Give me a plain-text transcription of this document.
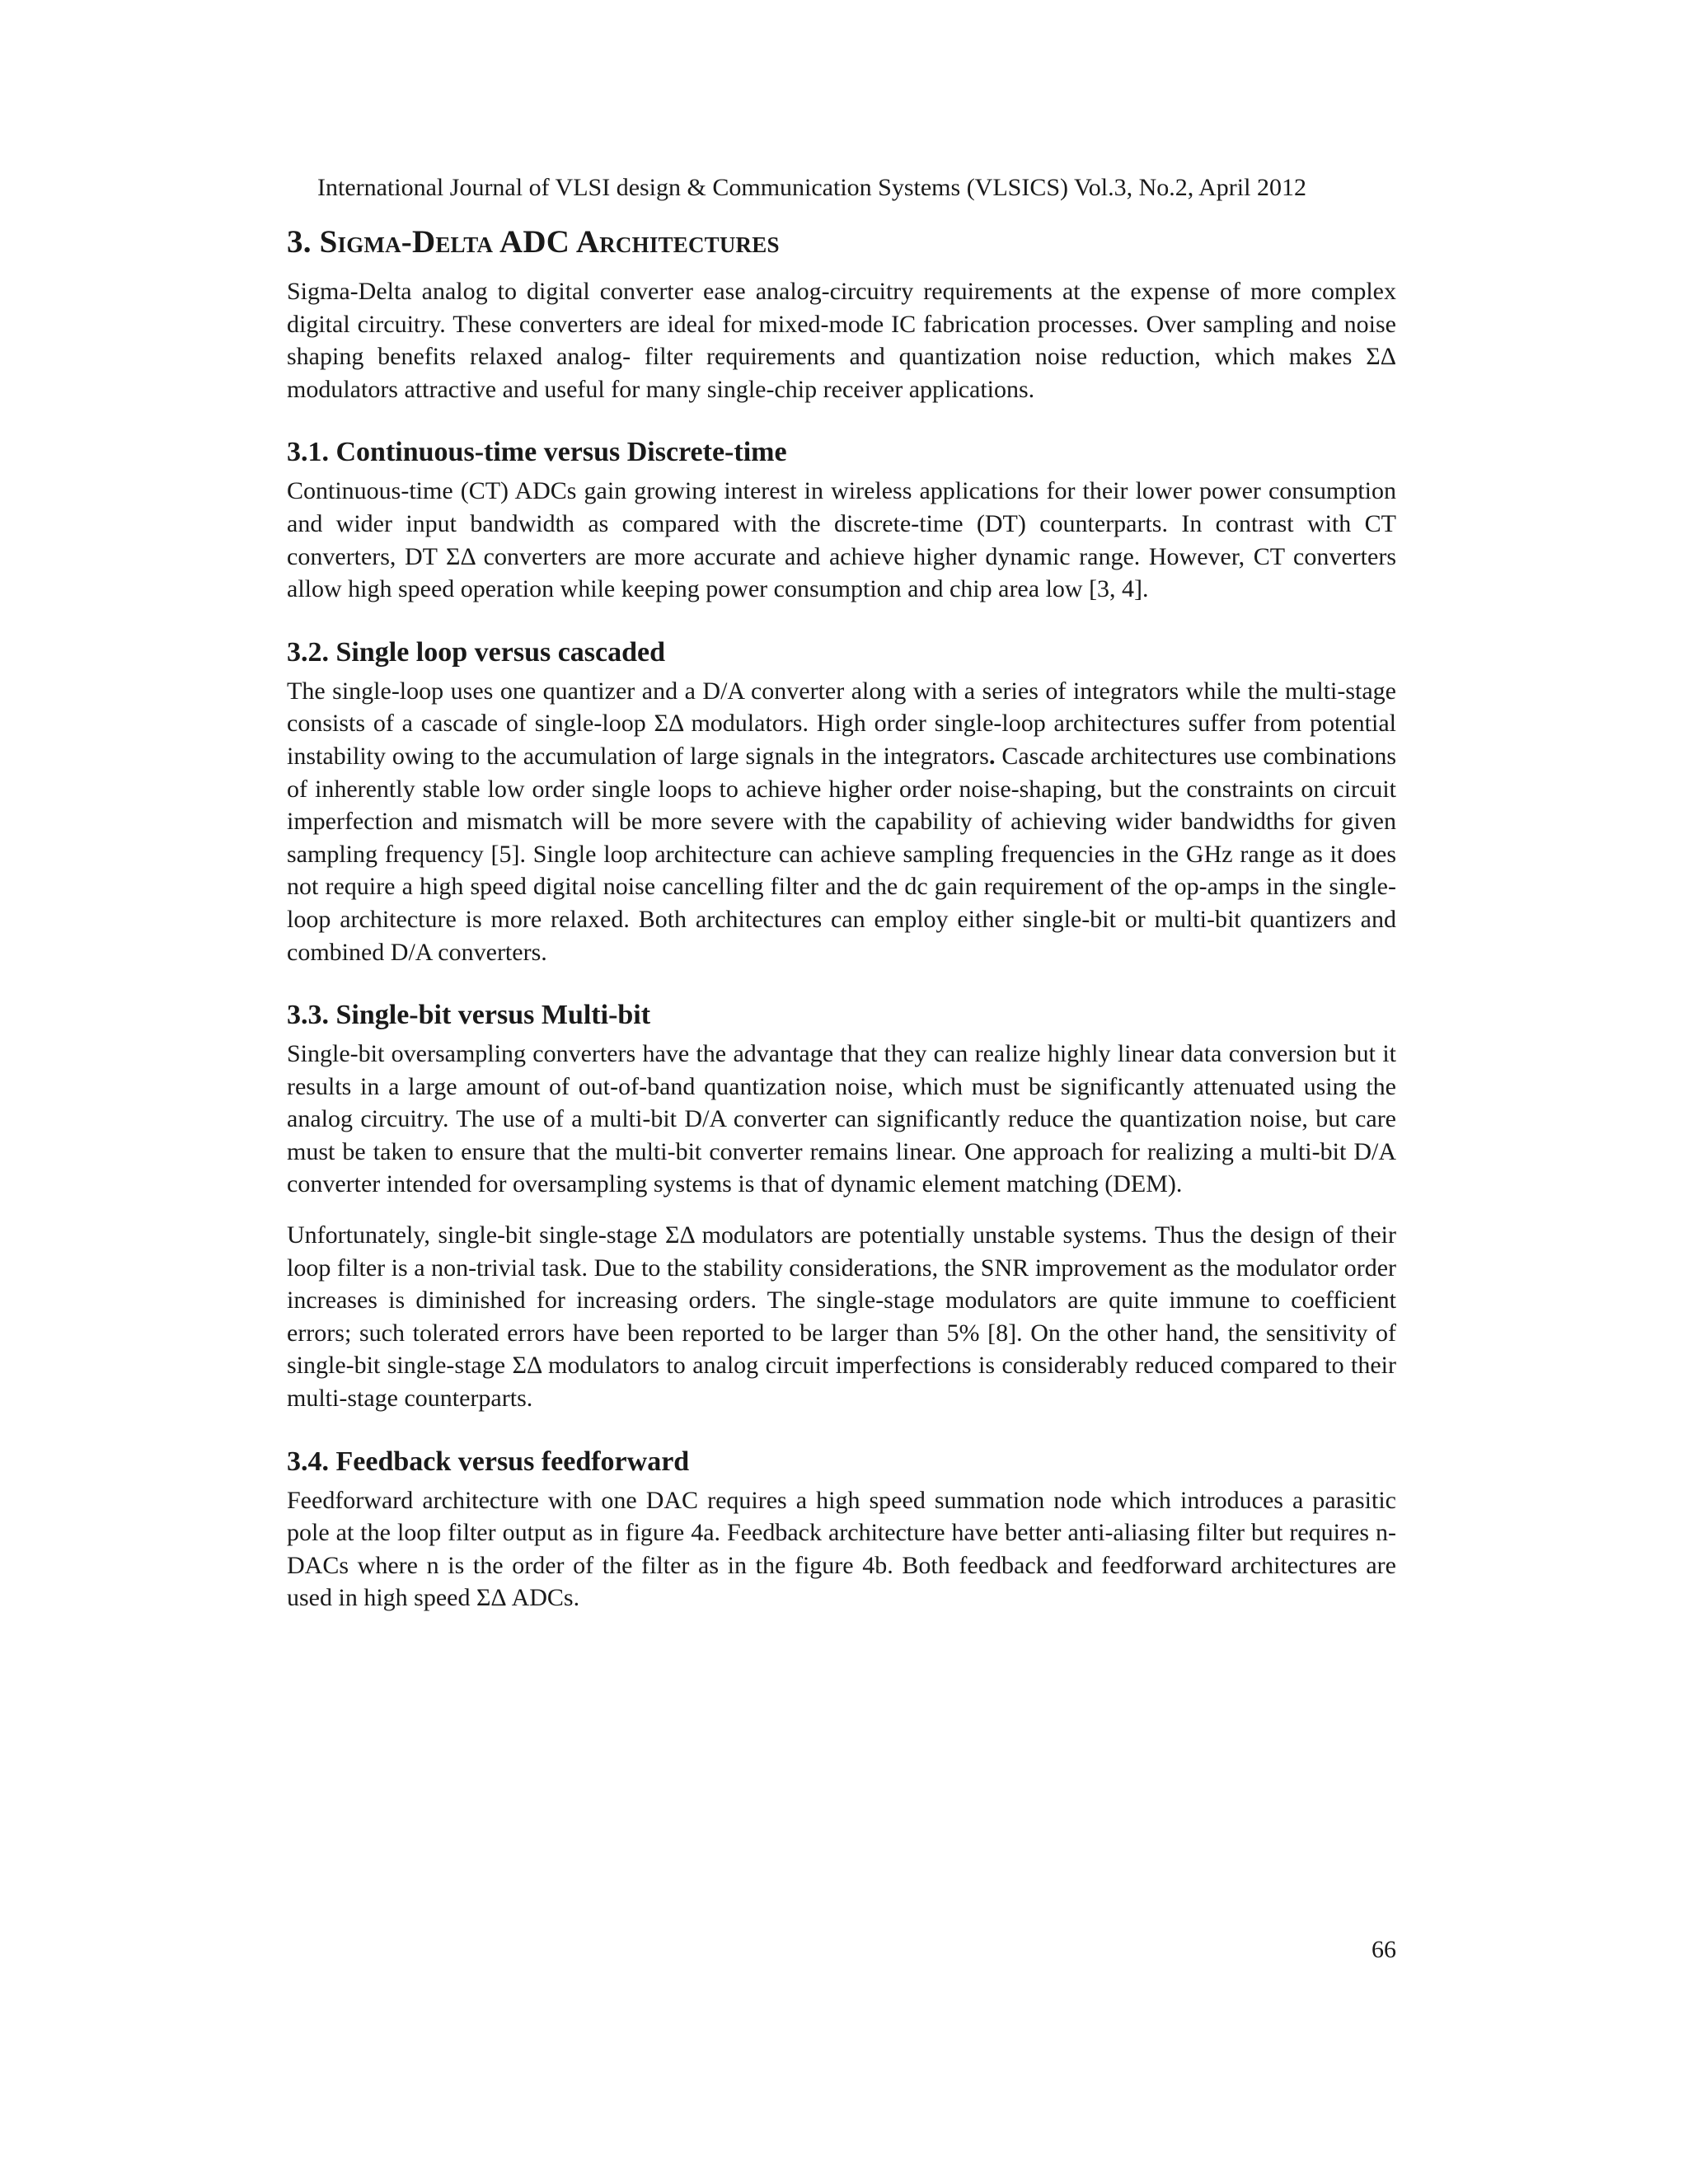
International Journal of VLSI design & Communication Systems (VLSICS) Vol.3, No.2, April 2012
3. Sigma-Delta ADC Architectures

Sigma-Delta analog to digital converter ease analog-circuitry requirements at the expense of more complex digital circuitry. These converters are ideal for mixed-mode IC fabrication processes. Over sampling and noise shaping benefits relaxed analog- filter requirements and quantization noise reduction, which makes ΣΔ modulators attractive and useful for many single-chip receiver applications.

3.1. Continuous-time versus Discrete-time

Continuous-time (CT) ADCs gain growing interest in wireless applications for their lower power consumption and wider input bandwidth as compared with the discrete-time (DT) counterparts. In contrast with CT converters, DT ΣΔ converters are more accurate and achieve higher dynamic range. However, CT converters allow high speed operation while keeping power consumption and chip area low [3, 4].

3.2. Single loop versus cascaded

The single-loop uses one quantizer and a D/A converter along with a series of integrators while the multi-stage consists of a cascade of single-loop ΣΔ modulators. High order single-loop architectures suffer from potential instability owing to the accumulation of large signals in the integrators. Cascade architectures use combinations of inherently stable low order single loops to achieve higher order noise-shaping, but the constraints on circuit imperfection and mismatch will be more severe with the capability of achieving wider bandwidths for given sampling frequency [5]. Single loop architecture can achieve sampling frequencies in the GHz range as it does not require a high speed digital noise cancelling filter and the dc gain requirement of the op-amps in the single-loop architecture is more relaxed. Both architectures can employ either single-bit or multi-bit quantizers and combined D/A converters.

3.3. Single-bit versus Multi-bit

Single-bit oversampling converters have the advantage that they can realize highly linear data conversion but it results in a large amount of out-of-band quantization noise, which must be significantly attenuated using the analog circuitry. The use of a multi-bit D/A converter can significantly reduce the quantization noise, but care must be taken to ensure that the multi-bit converter remains linear. One approach for realizing a multi-bit D/A converter intended for oversampling systems is that of dynamic element matching (DEM).

Unfortunately, single-bit single-stage ΣΔ modulators are potentially unstable systems. Thus the design of their loop filter is a non-trivial task. Due to the stability considerations, the SNR improvement as the modulator order increases is diminished for increasing orders. The single-stage modulators are quite immune to coefficient errors; such tolerated errors have been reported to be larger than 5% [8]. On the other hand, the sensitivity of single-bit single-stage ΣΔ modulators to analog circuit imperfections is considerably reduced compared to their multi-stage counterparts.

3.4. Feedback versus feedforward

Feedforward architecture with one DAC requires a high speed summation node which introduces a parasitic pole at the loop filter output as in figure 4a. Feedback architecture have better anti-aliasing filter but requires n-DACs where n is the order of the filter as in the figure 4b. Both feedback and feedforward architectures are used in high speed ΣΔ ADCs.

66
